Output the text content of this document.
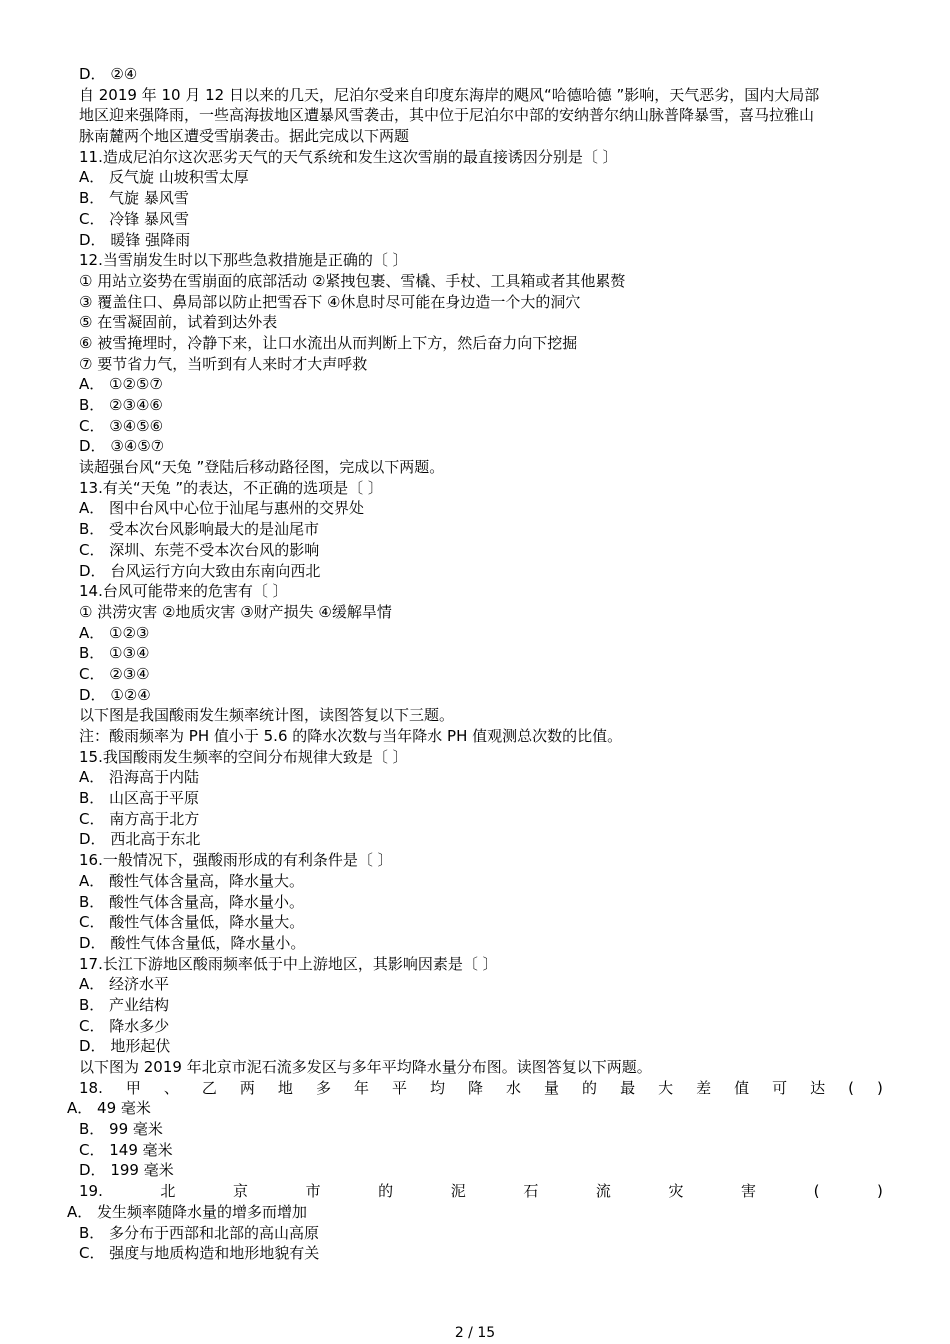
D． ②④
自 2019 年 10 月 12 日以来的几天，尼泊尔受来自印度东海岸的飓风“哈德哈德 ”影响，天气恶劣，国内大局部
地区迎来强降雨，一些高海拔地区遭暴风雪袭击，其中位于尼泊尔中部的安纳普尔纳山脉普降暴雪，喜马拉雅山
脉南麓两个地区遭受雪崩袭击。据此完成以下两题
11.造成尼泊尔这次恶劣天气的天气系统和发生这次雪崩的最直接诱因分别是〔 〕
A． 反气旋 山坡积雪太厚
B． 气旋 暴风雪
C． 冷锋 暴风雪
D． 暖锋 强降雨
12.当雪崩发生时以下那些急救措施是正确的〔 〕
① 用站立姿势在雪崩面的底部活动 ②紧拽包裹、雪橇、手杖、工具箱或者其他累赘
③ 覆盖住口、鼻局部以防止把雪吞下 ④休息时尽可能在身边造一个大的洞穴
⑤ 在雪凝固前，试着到达外表
⑥ 被雪掩埋时，冷静下来，让口水流出从而判断上下方，然后奋力向下挖掘
⑦ 要节省力气，当听到有人来时才大声呼救
A． ①②⑤⑦
B． ②③④⑥
C． ③④⑤⑥
D． ③④⑤⑦
读超强台风“天兔 ”登陆后移动路径图，完成以下两题。
13.有关“天兔 ”的表达，不正确的选项是〔 〕
A． 图中台风中心位于汕尾与惠州的交界处
B． 受本次台风影响最大的是汕尾市
C． 深圳、东莞不受本次台风的影响
D． 台风运行方向大致由东南向西北
14.台风可能带来的危害有〔 〕
① 洪涝灾害 ②地质灾害 ③财产损失 ④缓解旱情
A． ①②③
B． ①③④
C． ②③④
D． ①②④
以下图是我国酸雨发生频率统计图，读图答复以下三题。
注：酸雨频率为 PH 值小于 5.6 的降水次数与当年降水 PH 值观测总次数的比值。
15.我国酸雨发生频率的空间分布规律大致是〔 〕
A． 沿海高于内陆
B． 山区高于平原
C． 南方高于北方
D． 西北高于东北
16.一般情况下，强酸雨形成的有利条件是〔 〕
A． 酸性气体含量高，降水量大。
B． 酸性气体含量高，降水量小。
C． 酸性气体含量低，降水量大。
D． 酸性气体含量低，降水量小。
17.长江下游地区酸雨频率低于中上游地区，其影响因素是〔 〕
A． 经济水平
B． 产业结构
C． 降水多少
D． 地形起伏
以下图为 2019 年北京市泥石流多发区与多年平均降水量分布图。读图答复以下两题。
18. 甲 、 乙 两 地 多 年 平 均 降 水 量 的 最 大 差 值 可 达 ( )
A． 49 毫米
B． 99 毫米
C． 149 毫米
D． 199 毫米
19.	北	京	市	的	泥	石	流	灾	害	(	)
A． 发生频率随降水量的增多而增加
B． 多分布于西部和北部的高山高原
C． 强度与地质构造和地形地貌有关
2 / 15
